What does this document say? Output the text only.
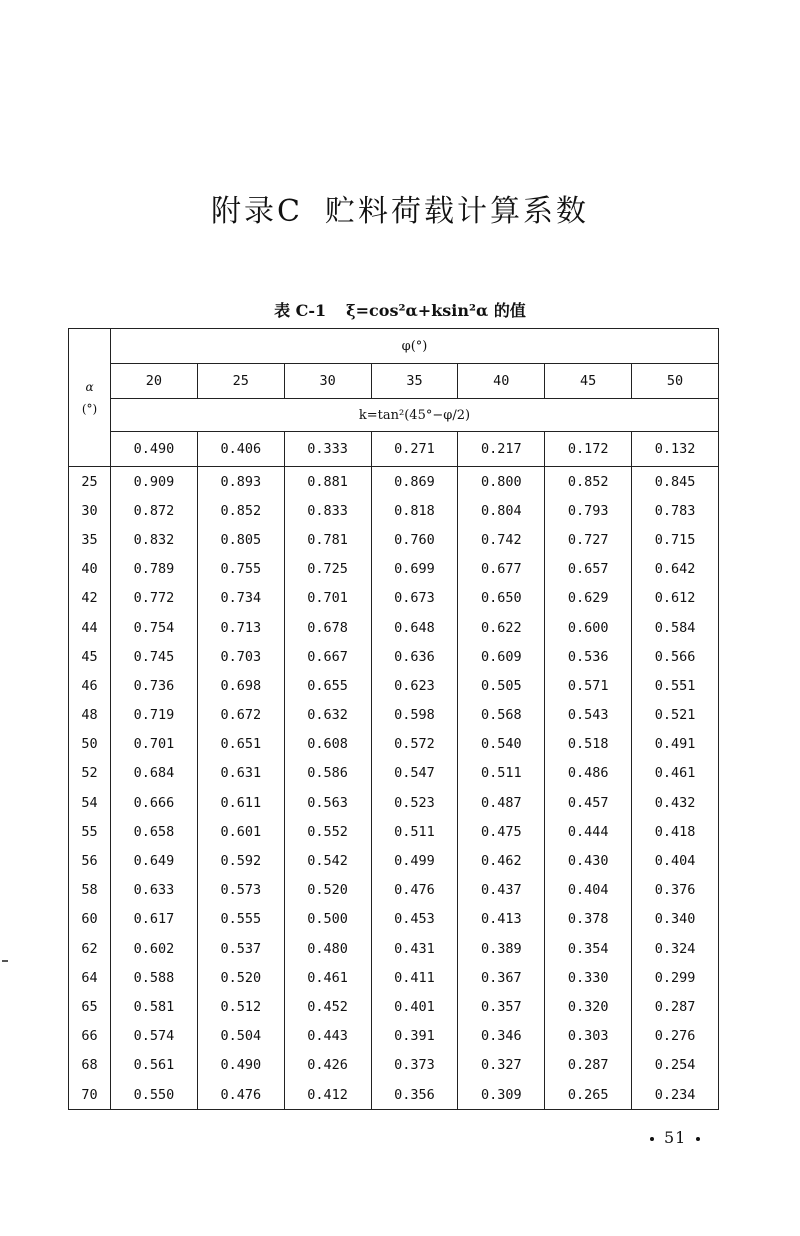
附录C 贮料荷载计算系数
表 C-1 ξ=cos²α+ksin²α 的值
α
(°)	φ(°)						
	20	25	30	35	40	45	50
	k=tan²(45°−φ/2)						
	0.490	0.406	0.333	0.271	0.217	0.172	0.132
25	0.909	0.893	0.881	0.869	0.800	0.852	0.845
30	0.872	0.852	0.833	0.818	0.804	0.793	0.783
35	0.832	0.805	0.781	0.760	0.742	0.727	0.715
40	0.789	0.755	0.725	0.699	0.677	0.657	0.642
42	0.772	0.734	0.701	0.673	0.650	0.629	0.612
44	0.754	0.713	0.678	0.648	0.622	0.600	0.584
45	0.745	0.703	0.667	0.636	0.609	0.536	0.566
46	0.736	0.698	0.655	0.623	0.505	0.571	0.551
48	0.719	0.672	0.632	0.598	0.568	0.543	0.521
50	0.701	0.651	0.608	0.572	0.540	0.518	0.491
52	0.684	0.631	0.586	0.547	0.511	0.486	0.461
54	0.666	0.611	0.563	0.523	0.487	0.457	0.432
55	0.658	0.601	0.552	0.511	0.475	0.444	0.418
56	0.649	0.592	0.542	0.499	0.462	0.430	0.404
58	0.633	0.573	0.520	0.476	0.437	0.404	0.376
60	0.617	0.555	0.500	0.453	0.413	0.378	0.340
62	0.602	0.537	0.480	0.431	0.389	0.354	0.324
64	0.588	0.520	0.461	0.411	0.367	0.330	0.299
65	0.581	0.512	0.452	0.401	0.357	0.320	0.287
66	0.574	0.504	0.443	0.391	0.346	0.303	0.276
68	0.561	0.490	0.426	0.373	0.327	0.287	0.254
70	0.550	0.476	0.412	0.356	0.309	0.265	0.234
51
